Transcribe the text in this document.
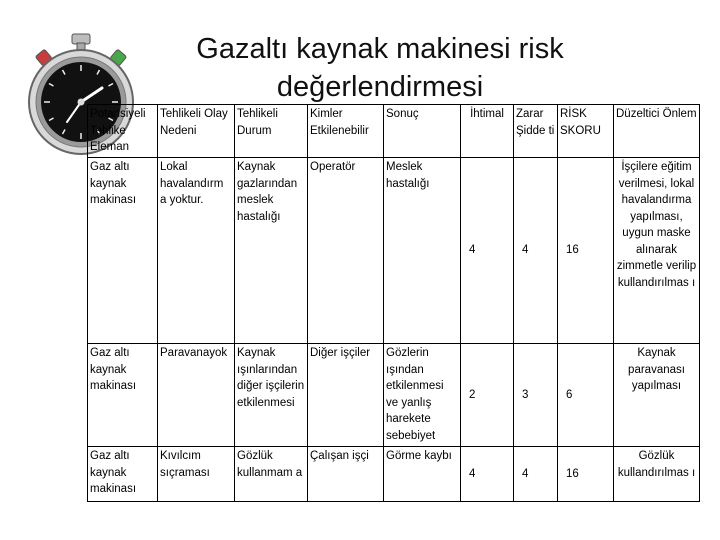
Gazaltı kaynak makinesi risk değerlendirmesi
Potansiyeli Tehlike Eleman	Tehlikeli Olay Nedeni	Tehlikeli Durum	Kimler Etkilenebilir	Sonuç	İhtimal	Zarar Şidde ti	RİSK SKORU	Düzeltici Önlem
Gaz altı kaynak makinası	Lokal havalandırm a yoktur.	Kaynak gazlarından meslek hastalığı	Operatör	Meslek hastalığı	4	4	16	İşçilere eğitim verilmesi, lokal havalandırma yapılması, uygun maske alınarak zimmetle verilip kullandırılmas ı
Gaz altı kaynak makinası	Paravanayok	Kaynak ışınlarından diğer işçilerin etkilenmesi	Diğer işçiler	Gözlerin ışından etkilenmesi ve yanlış harekete sebebiyet	2	3	6	Kaynak paravanası yapılması
Gaz altı kaynak makinası	Kıvılcım sıçraması	Gözlük kullanmam a	Çalışan işçi	Görme kaybı	4	4	16	Gözlük kullandırılmas ı
